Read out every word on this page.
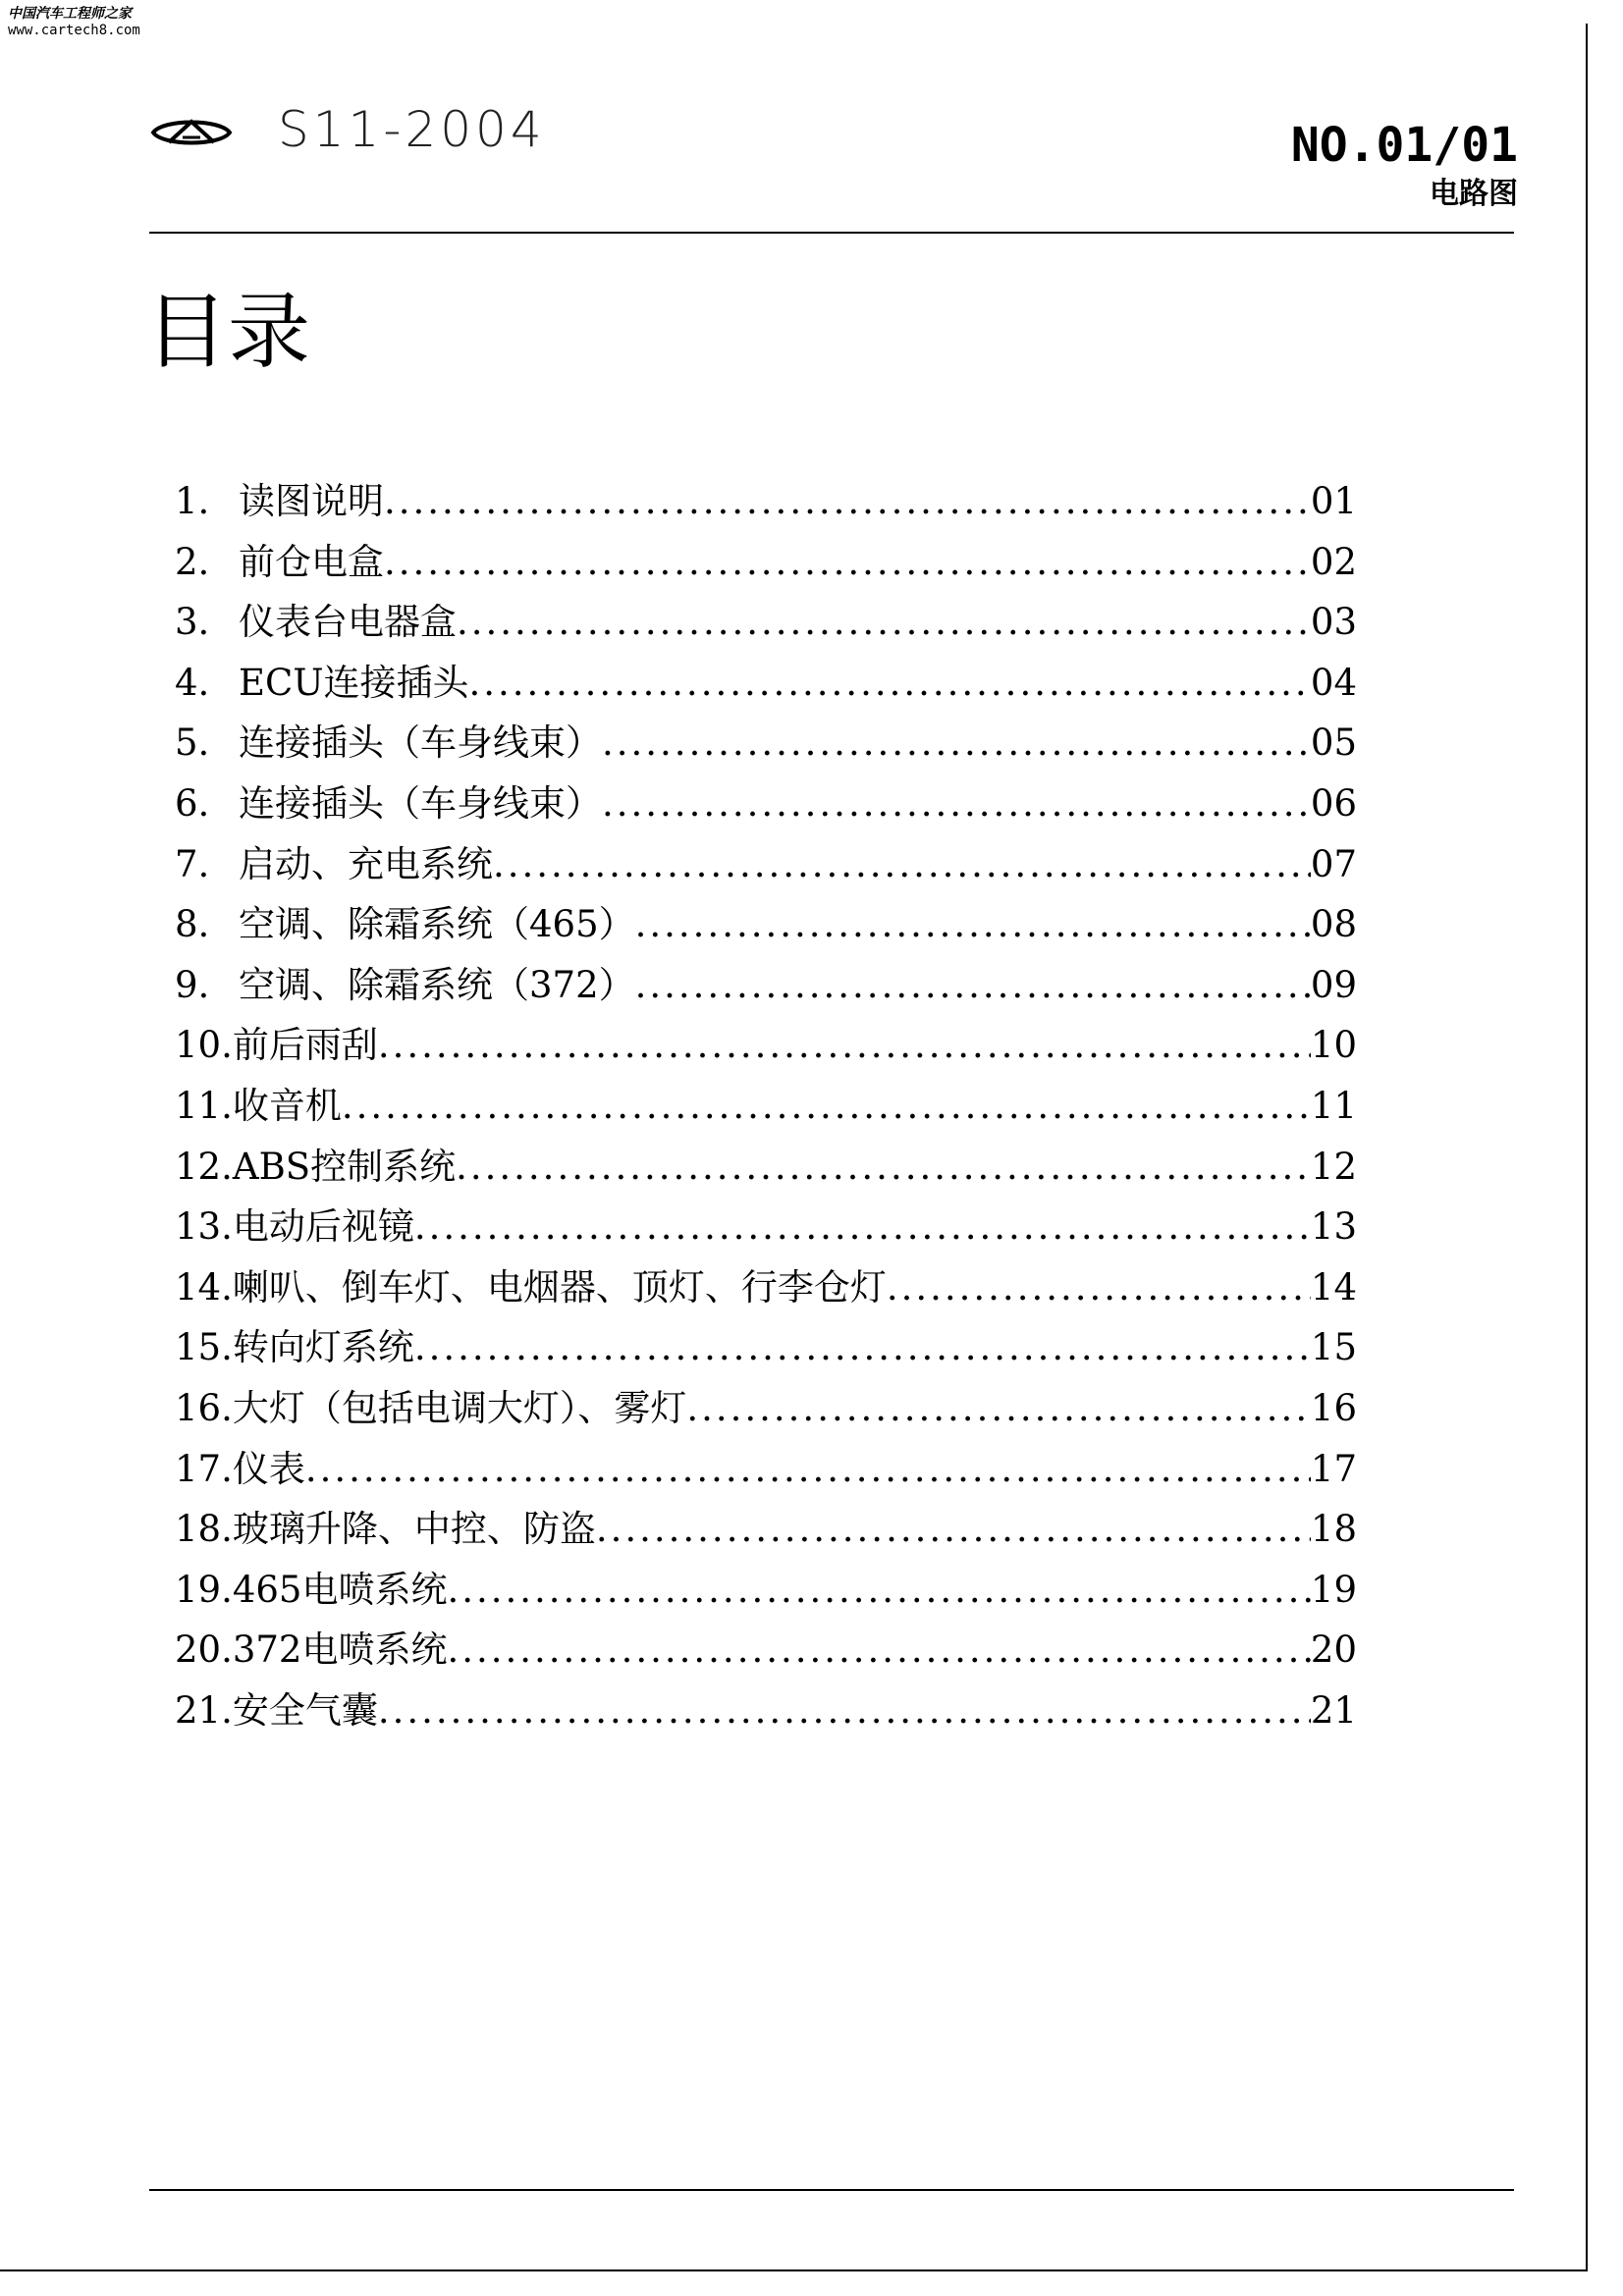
中国汽车工程师之家
www.cartech8.com
S11-2004	NO.01/01
电路图
目录
1. 读图说明 .....	01
2. 前仓电盒 .....	02
3. 仪表台电器盒 .....	03
4. ECU连接插头 .....	04
5. 连接插头（车身线束） .....	05
6. 连接插头（车身线束） .....	06
7. 启动、充电系统 .....	07
8. 空调、除霜系统（465） .....	08
9. 空调、除霜系统（372） .....	09
10. 前后雨刮 .....	10
11. 收音机 .....	11
12. ABS控制系统 .....	12
13. 电动后视镜 .....	13
14. 喇叭、倒车灯、电烟器、顶灯、行李仓灯 .....	14
15. 转向灯系统 .....	15
16. 大灯（包括电调大灯）、雾灯 .....	16
17. 仪表 .....	17
18. 玻璃升降、中控、防盗 .....	18
19. 465电喷系统 .....	19
20. 372电喷系统 .....	20
21. 安全气囊 .....	21
